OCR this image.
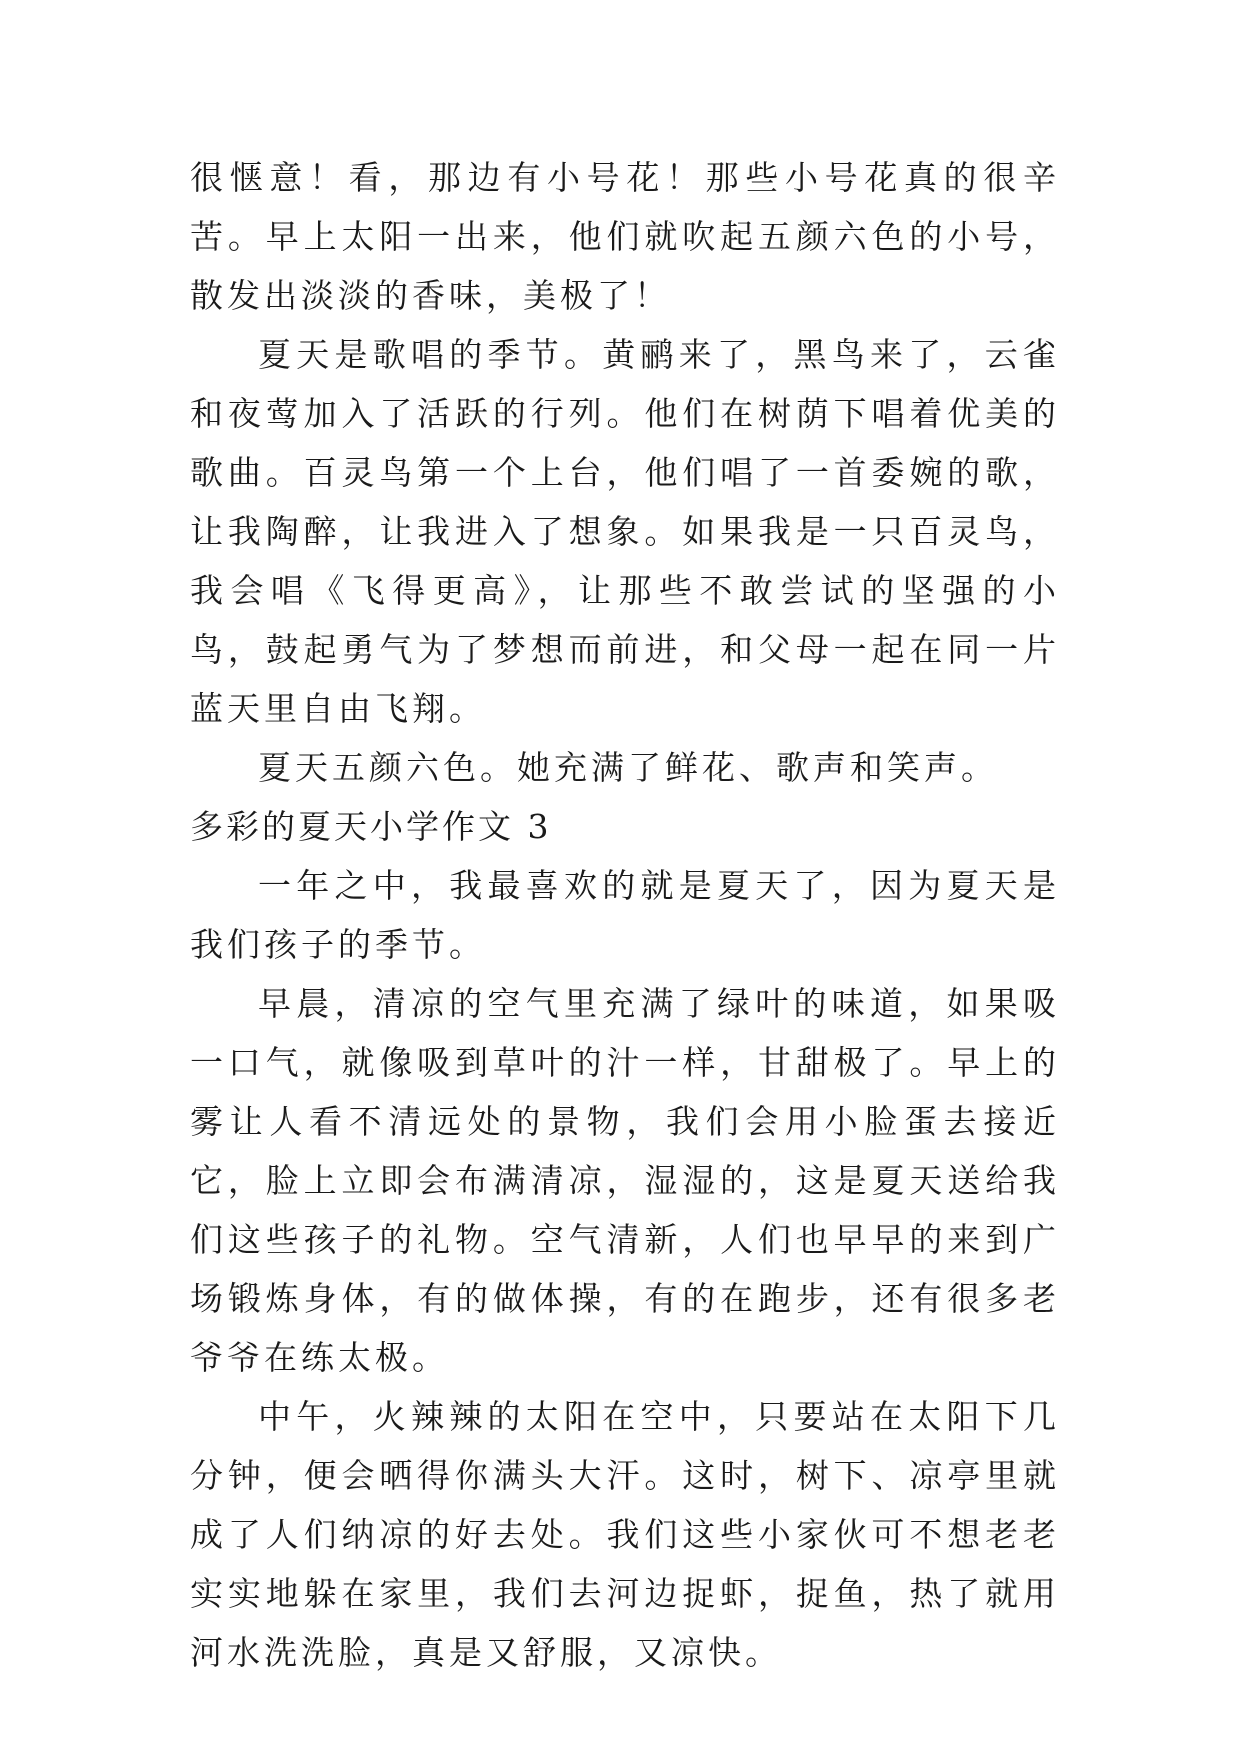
很惬意！看，那边有小号花！那些小号花真的很辛苦。早上太阳一出来，他们就吹起五颜六色的小号，散发出淡淡的香味，美极了！

夏天是歌唱的季节。黄鹂来了，黑鸟来了，云雀和夜莺加入了活跃的行列。他们在树荫下唱着优美的歌曲。百灵鸟第一个上台，他们唱了一首委婉的歌，让我陶醉，让我进入了想象。如果我是一只百灵鸟，我会唱《飞得更高》，让那些不敢尝试的坚强的小鸟，鼓起勇气为了梦想而前进，和父母一起在同一片蓝天里自由飞翔。

夏天五颜六色。她充满了鲜花、歌声和笑声。

多彩的夏天小学作文 3

一年之中，我最喜欢的就是夏天了，因为夏天是我们孩子的季节。

早晨，清凉的空气里充满了绿叶的味道，如果吸一口气，就像吸到草叶的汁一样，甘甜极了。早上的雾让人看不清远处的景物，我们会用小脸蛋去接近它，脸上立即会布满清凉，湿湿的，这是夏天送给我们这些孩子的礼物。空气清新，人们也早早的来到广场锻炼身体，有的做体操，有的在跑步，还有很多老爷爷在练太极。

中午，火辣辣的太阳在空中，只要站在太阳下几分钟，便会晒得你满头大汗。这时，树下、凉亭里就成了人们纳凉的好去处。我们这些小家伙可不想老老实实地躲在家里，我们去河边捉虾，捉鱼，热了就用河水洗洗脸，真是又舒服，又凉快。
